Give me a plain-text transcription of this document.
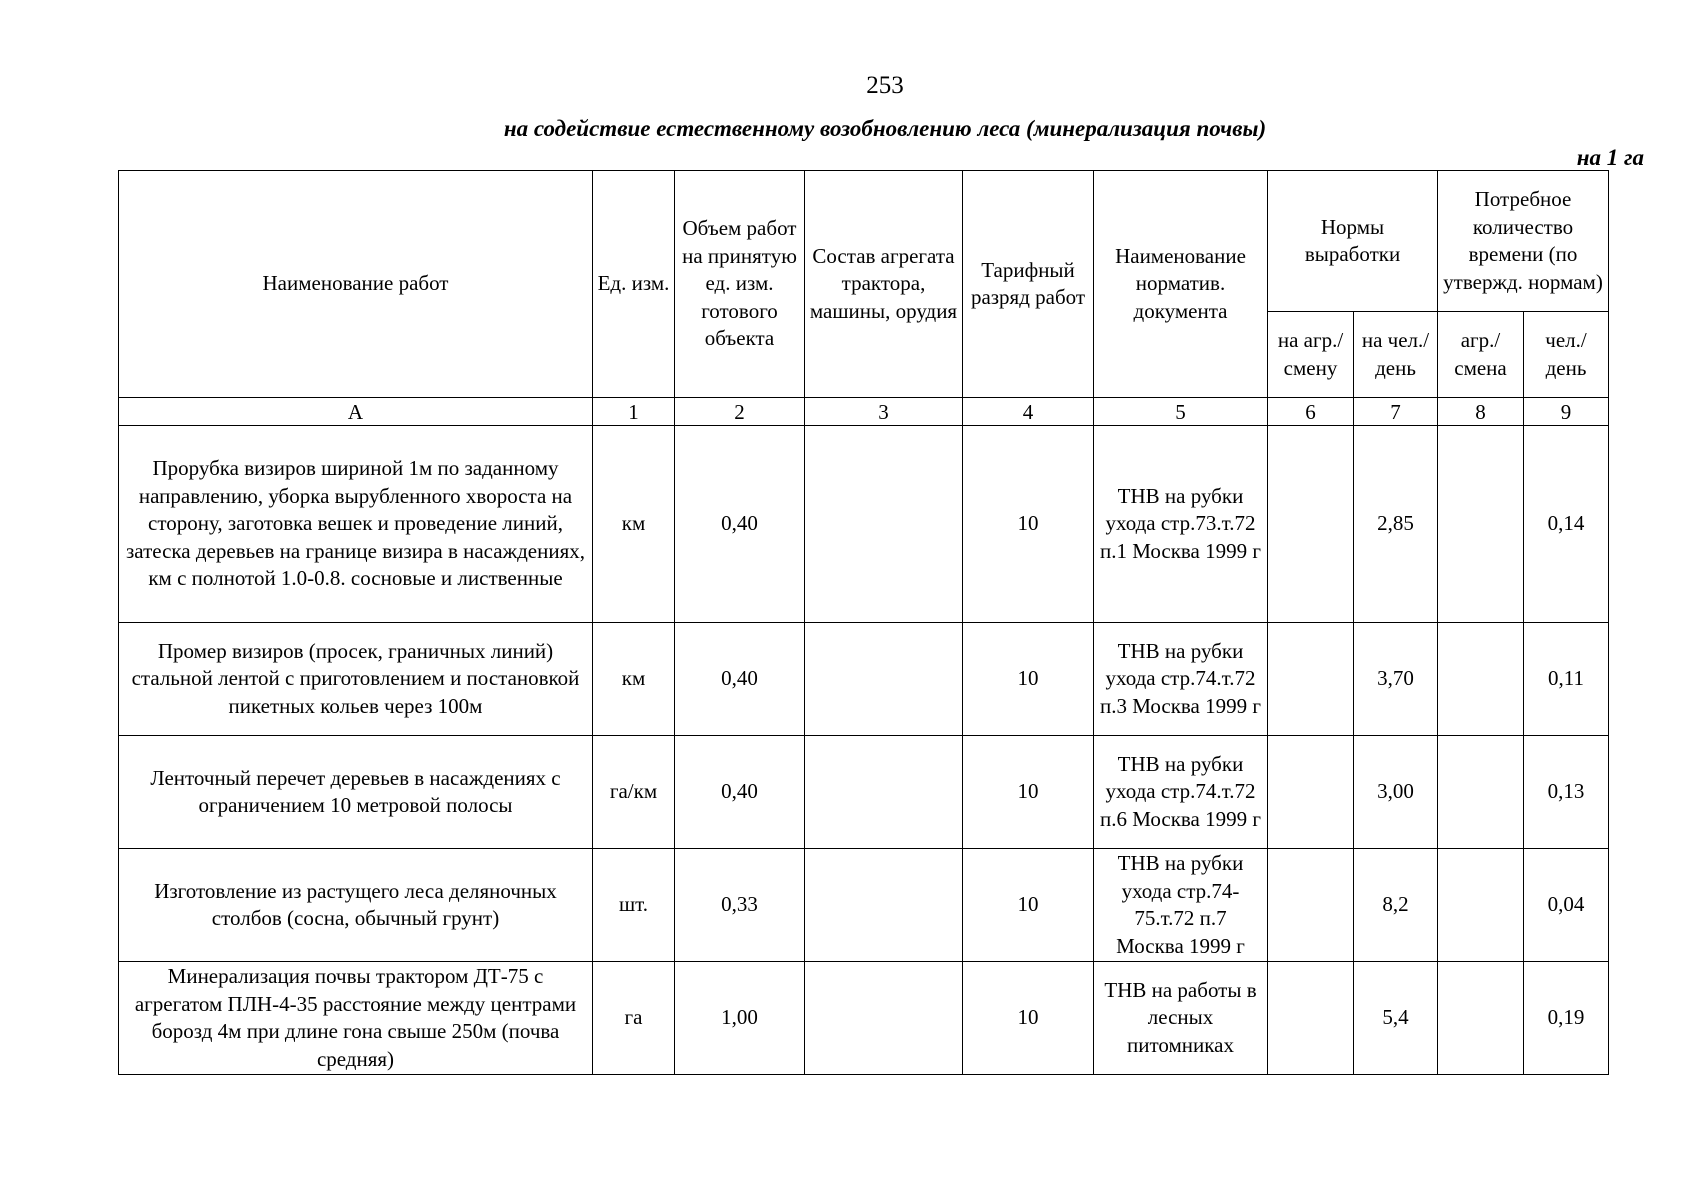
253
на содействие естественному возобновлению леса (минерализация почвы)
на 1 га
Наименование работ	Ед. изм.	Объем работ на принятую ед. изм. готового объекта	Состав агрегата трактора, машины, орудия	Тарифный разряд работ	Наименование норматив. документа	Нормы выработки		Потребное количество времени (по утвержд. нормам)	
						на агр./ смену	на чел./ день	агр./ смена	чел./ день
А	1	2	3	4	5	6	7	8	9
Прорубка визиров шириной 1м по заданному направлению, уборка вырубленного хвороста на сторону, заготовка вешек и проведение линий, затеска деревьев на границе визира в насаждениях, км с полнотой 1.0-0.8. сосновые и лиственные	км	0,40		10	ТНВ на рубки ухода стр.73.т.72 п.1 Москва 1999 г		2,85		0,14
Промер визиров (просек, граничных линий) стальной лентой с приготовлением и постановкой пикетных кольев через 100м	км	0,40		10	ТНВ на рубки ухода стр.74.т.72 п.3 Москва 1999 г		3,70		0,11
Ленточный перечет деревьев в насаждениях с ограничением 10 метровой полосы	га/км	0,40		10	ТНВ на рубки ухода стр.74.т.72 п.6 Москва 1999 г		3,00		0,13
Изготовление из растущего леса деляночных столбов (сосна, обычный грунт)	шт.	0,33		10	ТНВ на рубки ухода стр.74-75.т.72 п.7 Москва 1999 г		8,2		0,04
Минерализация почвы трактором ДТ-75 с агрегатом ПЛН-4-35 расстояние между центрами борозд 4м при длине гона свыше 250м (почва средняя)	га	1,00		10	ТНВ на работы в лесных питомниках		5,4		0,19
